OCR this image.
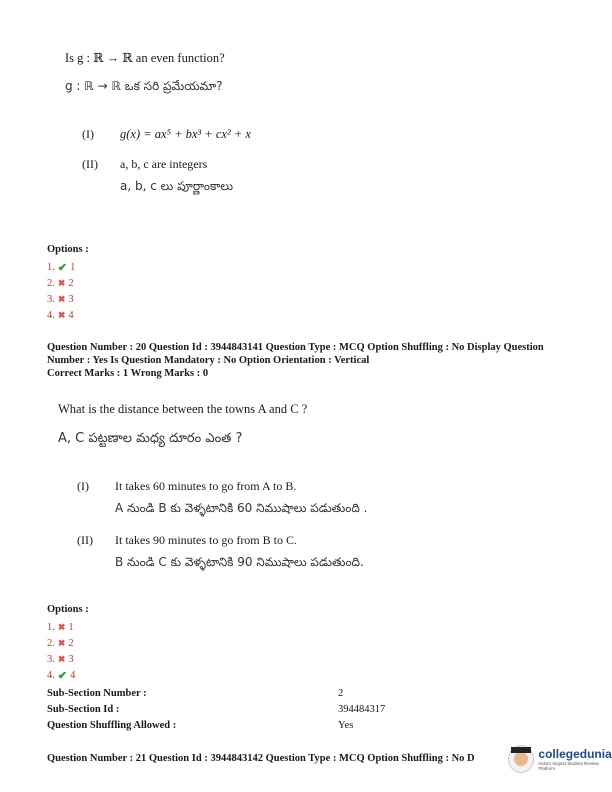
Is g : ℝ → ℝ an even function?
g : ℝ → ℝ ఒక సరి ప్రమేయమా?
(I) g(x) = ax⁵ + bx³ + cx² + x
(II) a, b, c are integers
a, b, c లు పూర్ణాంకాలు
Options :
1. ✔ 1
2. ✖ 2
3. ✖ 3
4. ✖ 4
Question Number : 20 Question Id : 3944843141 Question Type : MCQ Option Shuffling : No Display Question
Number : Yes Is Question Mandatory : No Option Orientation : Vertical
Correct Marks : 1 Wrong Marks : 0
What is the distance between the towns A and C ?
A, C పట్టణాల మధ్య దూరం ఎంత ?
(I) It takes 60 minutes to go from A to B.
A నుండి B కు వెళ్ళటానికి 60 నిముషాలు పడుతుంది .
(II) It takes 90 minutes to go from B to C.
B నుండి C కు వెళ్ళటానికి 90 నిముషాలు పడుతుంది.
Options :
1. ✖ 1
2. ✖ 2
3. ✖ 3
4. ✔ 4
Sub-Section Number :	2
Sub-Section Id :	394484317
Question Shuffling Allowed :	Yes
Question Number : 21 Question Id : 3944843142 Question Type : MCQ Option Shuffling : No D	collegedunia
India's largest Student Review Platform
